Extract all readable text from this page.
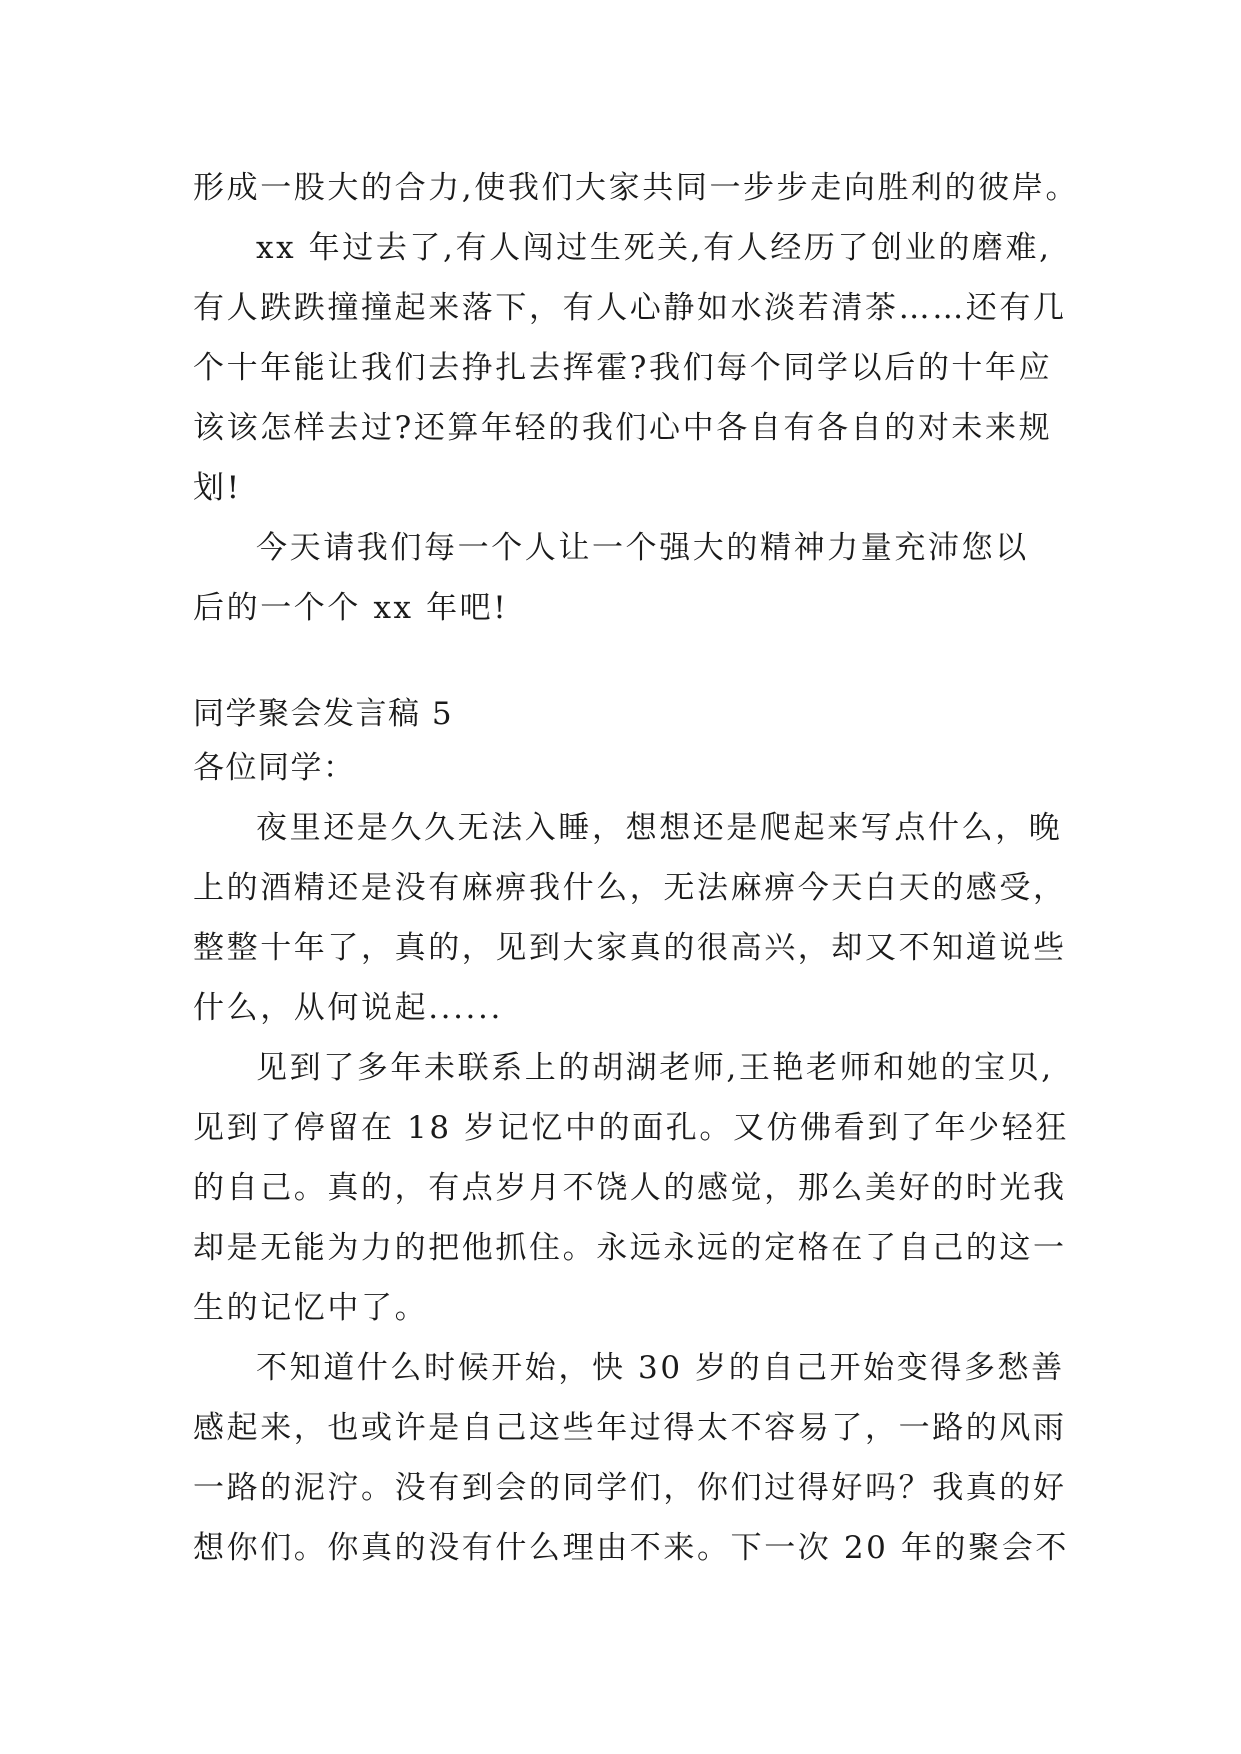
形成一股大的合力,使我们大家共同一步步走向胜利的彼岸。
xx 年过去了,有人闯过生死关,有人经历了创业的磨难,
有人跌跌撞撞起来落下，有人心静如水淡若清茶……还有几
个十年能让我们去挣扎去挥霍?我们每个同学以后的十年应
该该怎样去过?还算年轻的我们心中各自有各自的对未来规
划!
今天请我们每一个人让一个强大的精神力量充沛您以
后的一个个 xx 年吧!
同学聚会发言稿 5
各位同学：
夜里还是久久无法入睡，想想还是爬起来写点什么，晚
上的酒精还是没有麻痹我什么，无法麻痹今天白天的感受，
整整十年了，真的，见到大家真的很高兴，却又不知道说些
什么，从何说起......
见到了多年未联系上的胡湖老师,王艳老师和她的宝贝,
见到了停留在 18 岁记忆中的面孔。又仿佛看到了年少轻狂
的自己。真的，有点岁月不饶人的感觉，那么美好的时光我
却是无能为力的把他抓住。永远永远的定格在了自己的这一
生的记忆中了。
不知道什么时候开始，快 30 岁的自己开始变得多愁善
感起来，也或许是自己这些年过得太不容易了，一路的风雨
一路的泥泞。没有到会的同学们，你们过得好吗？我真的好
想你们。你真的没有什么理由不来。下一次 20 年的聚会不
